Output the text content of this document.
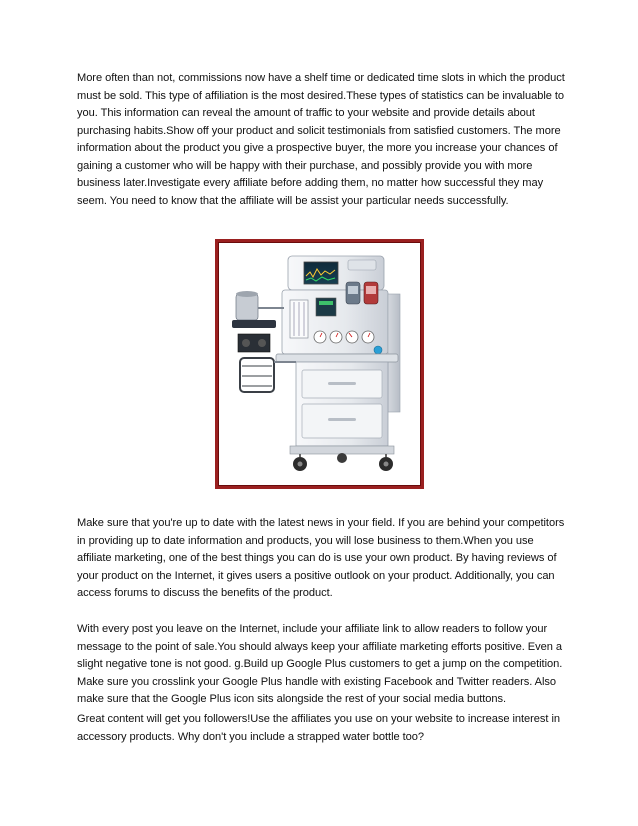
More often than not, commissions now have a shelf time or dedicated time slots in which the product must be sold. This type of affiliation is the most desired.These types of statistics can be invaluable to you. This information can reveal the amount of traffic to your website and provide details about purchasing habits.Show off your product and solicit testimonials from satisfied customers. The more information about the product you give a prospective buyer, the more you increase your chances of gaining a customer who will be happy with their purchase, and possibly provide you with more business later.Investigate every affiliate before adding them, no matter how successful they may seem. You need to know that the affiliate will be assist your particular needs successfully.

Make sure that you're up to date with the latest news in your field. If you are behind your competitors in providing up to date information and products, you will lose business to them.When you use affiliate marketing, one of the best things you can do is use your own product. By having reviews of your product on the Internet, it gives users a positive outlook on your product. Additionally, you can access forums to discuss the benefits of the product.

With every post you leave on the Internet, include your affiliate link to allow readers to follow your message to the point of sale.You should always keep your affiliate marketing efforts positive. Even a slight negative tone is not good. g.Build up Google Plus customers to get a jump on the competition. Make sure you crosslink your Google Plus handle with existing Facebook and Twitter readers. Also make sure that the Google Plus icon sits alongside the rest of your social media buttons.

Great content will get you followers!Use the affiliates you use on your website to increase interest in accessory products. Why don't you include a strapped water bottle too?
